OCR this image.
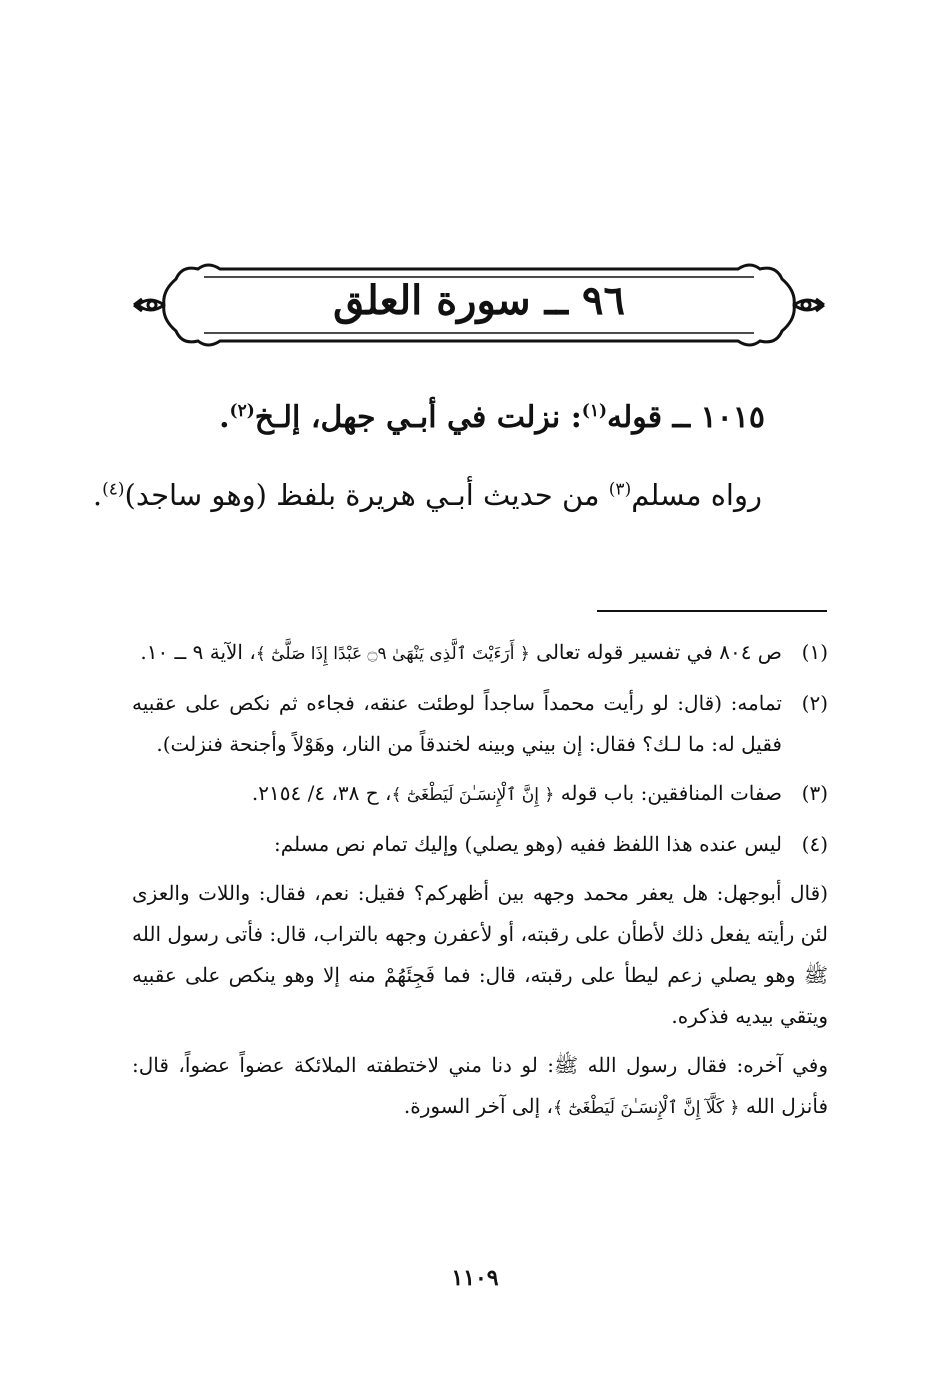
٩٦ ــ سورة العلق
١٠١٥ ــ قوله$^{(١)}$: نزلت في أبـي جهل، إلـخ$^{(٢)}$.
رواه مسلم$^{(٣)}$ من حديث أبـي هريرة بلفظ (وهو ساجد)$^{(٤)}$.
(١)
ص ٨٠٤ في تفسير قوله تعالى ﴿ أَرَءَيْتَ ٱلَّذِى يَنْهَىٰ ۝٩ عَبْدًا إِذَا صَلَّىٰٓ ﴾، الآية ٩ ــ ١٠.
(٢)
تمامه: (قال: لو رأيت محمداً ساجداً لوطئت عنقه، فجاءه ثم نكص على عقبيه فقيل له: ما لـك؟ فقال: إن بيني وبينه لخندقاً من النار، وهَوْلاً وأجنحة فنزلت).
(٣)
صفات المنافقين: باب قوله ﴿ إِنَّ ٱلْإِنسَـٰنَ لَيَطْغَىٰٓ ﴾، ح ٣٨، ٤/ ٢١٥٤.
(٤)
ليس عنده هذا اللفظ ففيه (وهو يصلي) وإليك تمام نص مسلم:
(قال أبوجهل: هل يعفر محمد وجهه بين أظهركم؟ فقيل: نعم، فقال: واللات والعزى لئن رأيته يفعل ذلك لأطأن على رقبته، أو لأعفرن وجهه بالتراب، قال: فأتى رسول الله ﷺ وهو يصلي زعم ليطأ على رقبته، قال: فما فَجِئَهُمْ منه إلا وهو ينكص على عقبيه ويتقي بيديه فذكره.
وفي آخره: فقال رسول الله ﷺ: لو دنا مني لاختطفته الملائكة عضواً عضواً، قال: فأنزل الله ﴿ كَلَّآ إِنَّ ٱلْإِنسَـٰنَ لَيَطْغَىٰٓ ﴾، إلى آخر السورة.
١١٠٩
